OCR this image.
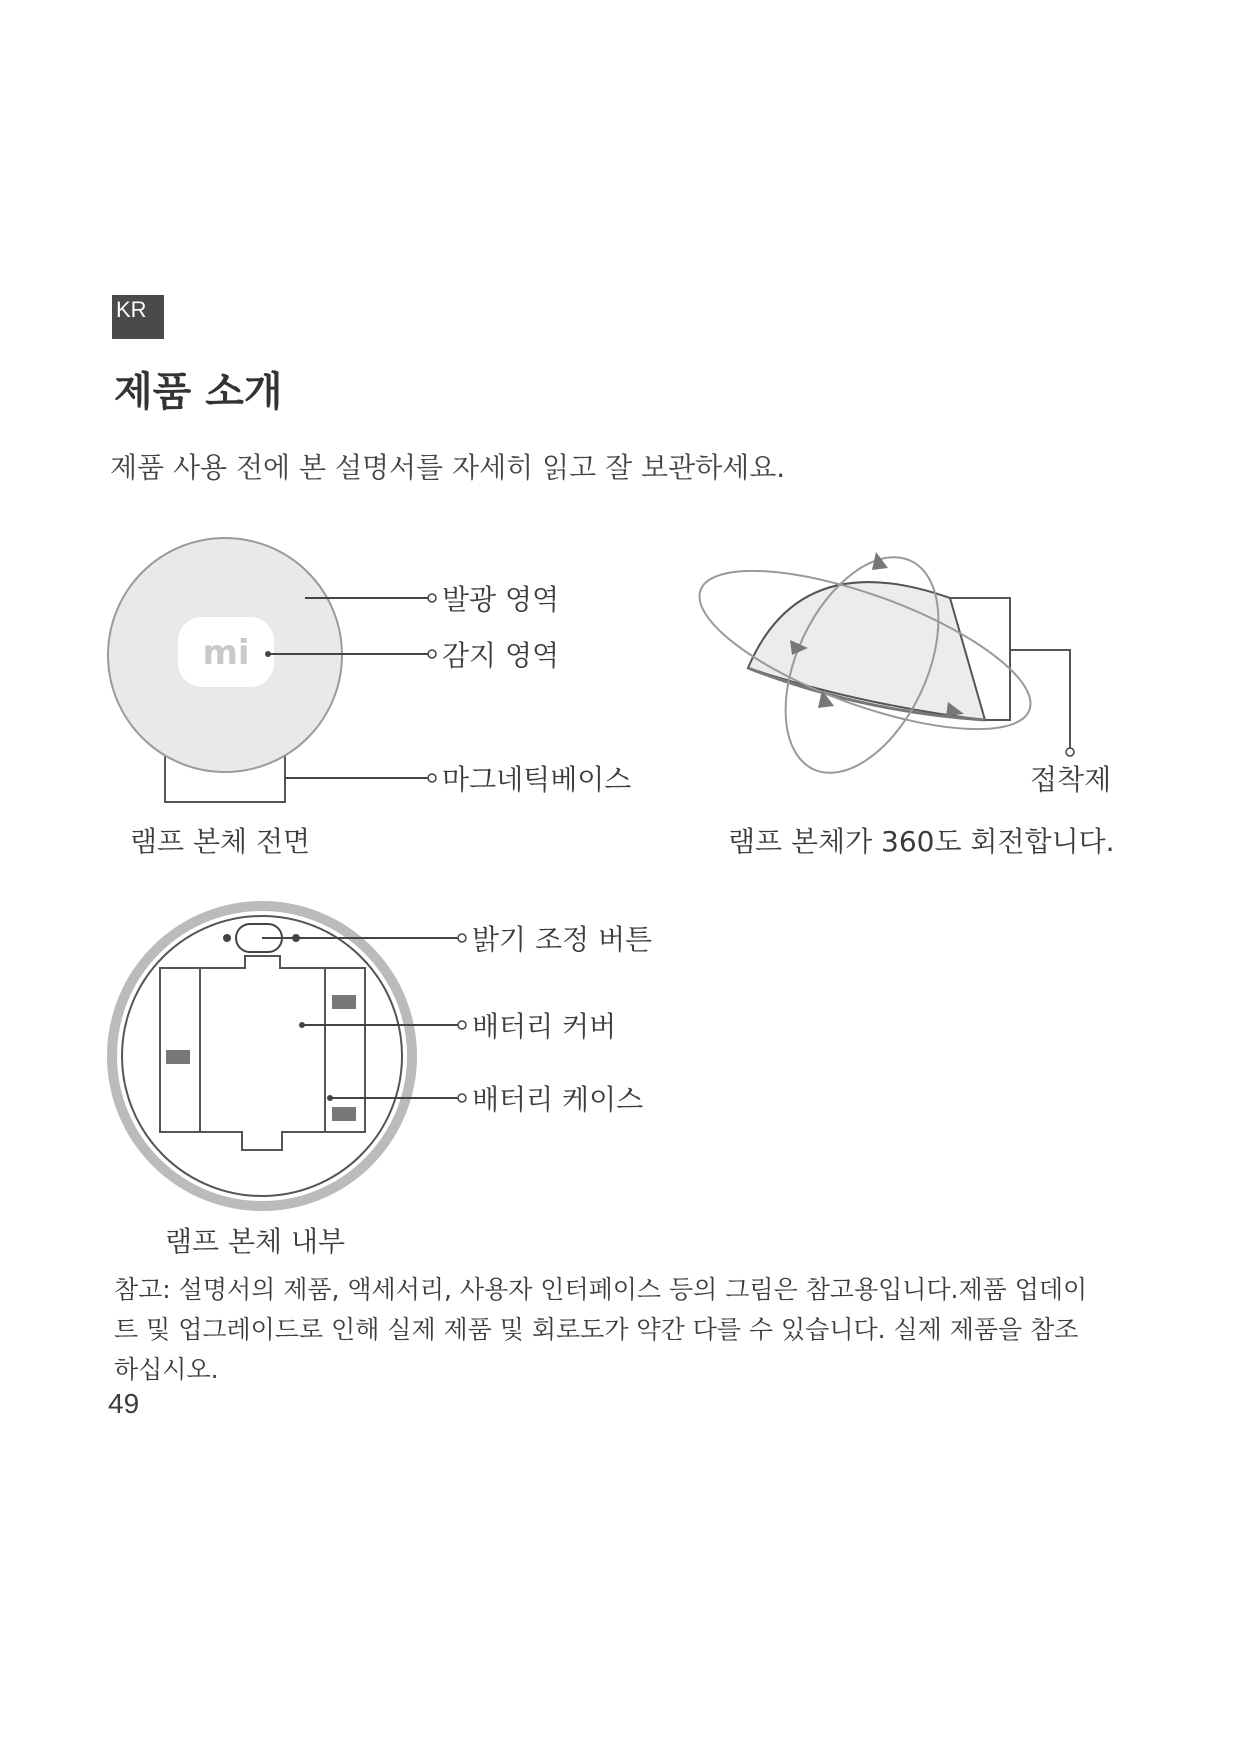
KR
제품 소개
제품 사용 전에 본 설명서를 자세히 읽고 잘 보관하세요.
mi
발광 영역
감지 영역
마그네틱베이스
램프 본체 전면
접착제
램프 본체가 360도 회전합니다.
밝기 조정 버튼
배터리 커버
배터리 케이스
램프 본체 내부
참고: 설명서의 제품, 액세서리, 사용자 인터페이스 등의 그림은 참고용입니다.제품 업데이트 및 업그레이드로 인해 실제 제품 및 회로도가 약간 다를 수 있습니다. 실제 제품을 참조하십시오.
49
